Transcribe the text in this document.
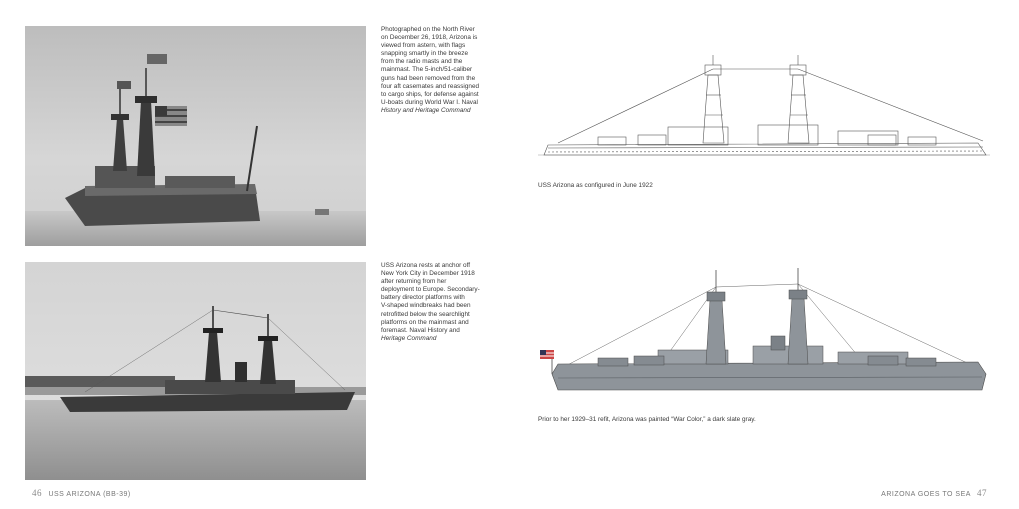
Photographed on the North River
on December 26, 1918, Arizona is
viewed from astern, with flags
snapping smartly in the breeze
from the radio masts and the
mainmast. The 5-inch/51-caliber
guns had been removed from the
four aft casemates and reassigned
to cargo ships, for defense against
U-boats during World War I. Naval
History and Heritage Command
USS Arizona rests at anchor off
New York City in December 1918
after returning from her
deployment to Europe. Secondary-
battery director platforms with
V-shaped windbreaks had been
retrofitted below the searchlight
platforms on the mainmast and
foremast. Naval History and
Heritage Command
46 USS ARIZONA (BB-39)
USS Arizona as configured in June 1922
Prior to her 1929–31 refit, Arizona was painted “War Color,” a dark slate gray.
ARIZONA GOES TO SEA 47
